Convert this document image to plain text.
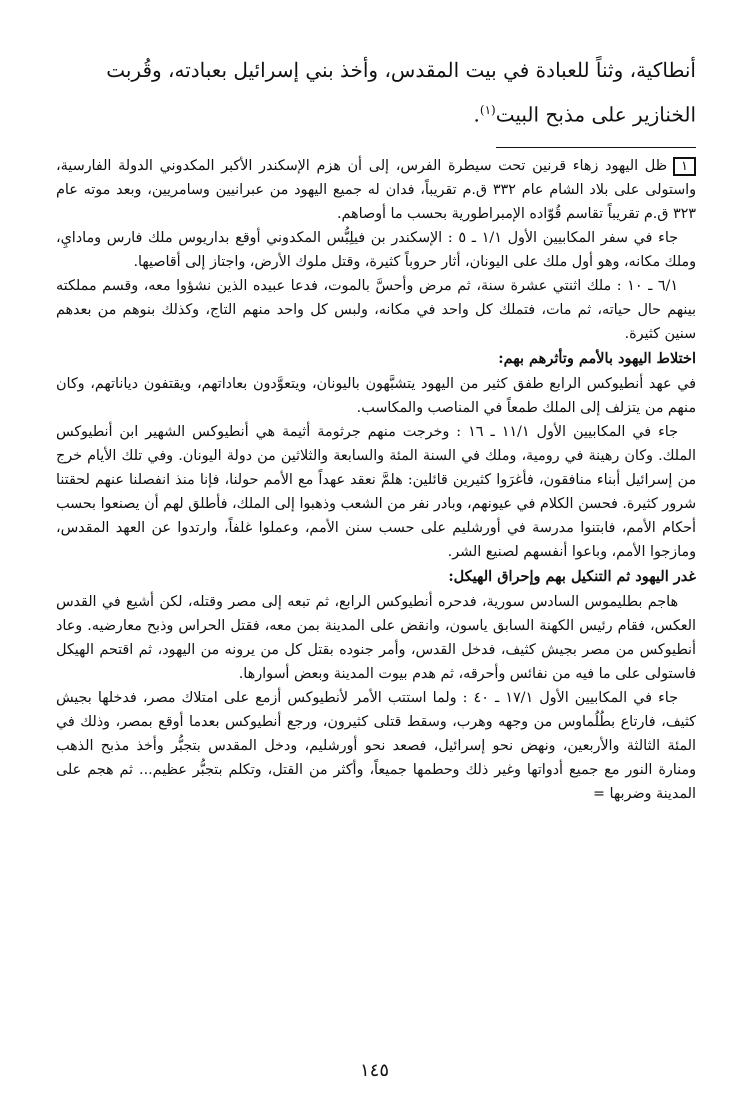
أنطاكية، وثناً للعبادة في بيت المقدس، وأخذ بني إسرائيل بعبادته، وقُربت
الخنازير على مذبح البيت$^{(١)}$.

١ظل اليهود زهاء قرنين تحت سيطرة الفرس، إلى أن هزم الإسكندر الأكبر المكدوني الدولة الفارسية، واستولى على بلاد الشام عام ٣٣٢ ق.م تقريباً، فدان له جميع اليهود من عبرانيين وسامريين، وبعد موته عام ٣٢٣ ق.م تقريباً تقاسم قُوّاده الإمبراطورية بحسب ما أوصاهم.

جاء في سفر المكابيين الأول ١/١ ـ ٥ : الإسكندر بن فيلِبُّس المكدوني أوقع بداريوس ملك فارس ومادايِ، وملك مكانه، وهو أول ملك على اليونان، أثار حروباً كثيرة، وقتل ملوك الأرض، واجتاز إلى أقاصيها.

٦/١ ـ ١٠ : ملك اثنتي عشرة سنة، ثم مرض وأحسَّ بالموت، فدعا عبيده الذين نشؤوا معه، وقسم مملكته بينهم حال حياته، ثم مات، فتملك كل واحد في مكانه، ولبس كل واحد منهم التاج، وكذلك بنوهم من بعدهم سنين كثيرة.

اختلاط اليهود بالأمم وتأثرهم بهم:

في عهد أنطيوكس الرابع طفق كثير من اليهود يتشبَّهون باليونان، ويتعوَّدون بعاداتهم، ويقتفون دياناتهم، وكان منهم من يتزلف إلى الملك طمعاً في المناصب والمكاسب.

جاء في المكابيين الأول ١١/١ ـ ١٦ : وخرجت منهم جرثومة أثيمة هي أنطيوكس الشهير ابن أنطيوكس الملك. وكان رهينة في رومية، وملك في السنة المئة والسابعة والثلاثين من دولة اليونان. وفي تلك الأيام خرج من إسرائيل أبناء منافقون، فأغرَوا كثيرين قائلين: هلمَّ نعقد عهداً مع الأمم حولنا، فإنا منذ انفصلنا عنهم لحقتنا شرور كثيرة. فحسن الكلام في عيونهم، وبادر نفر من الشعب وذهبوا إلى الملك، فأطلق لهم أن يصنعوا بحسب أحكام الأمم، فابتنوا مدرسة في أورشليم على حسب سنن الأمم، وعملوا غلفاً، وارتدوا عن العهد المقدس، ومازجوا الأمم، وباعوا أنفسهم لصنيع الشر.

غدر اليهود ثم التنكيل بهم وإحراق الهيكل:

هاجم بطليموس السادس سورية، فدحره أنطيوكس الرابع، ثم تبعه إلى مصر وقتله، لكن أشيع في القدس العكس، فقام رئيس الكهنة السابق ياسون، وانقض على المدينة بمن معه، فقتل الحراس وذبح معارضيه. وعاد أنطيوكس من مصر بجيش كثيف، فدخل القدس، وأمر جنوده بقتل كل من يرونه من اليهود، ثم اقتحم الهيكل فاستولى على ما فيه من نفائس وأحرقه، ثم هدم بيوت المدينة وبعض أسوارها.

جاء في المكابيين الأول ١٧/١ ـ ٤٠ : ولما استتب الأمر لأنطيوكس أزمع على امتلاك مصر، فدخلها بجيش كثيف، فارتاع بطُلُماوس من وجهه وهرب، وسقط قتلى كثيرون، ورجع أنطيوكس بعدما أوقع بمصر، وذلك في المئة الثالثة والأربعين، ونهض نحو إسرائيل، فصعد نحو أورشليم، ودخل المقدس بتجبُّر وأخذ مذبح الذهب ومنارة النور مع جميع أدواتها وغير ذلك وحطمها جميعاً، وأكثر من القتل، وتكلم بتجبُّر عظيم... ثم هجم على المدينة وضربها =

١٤٥
